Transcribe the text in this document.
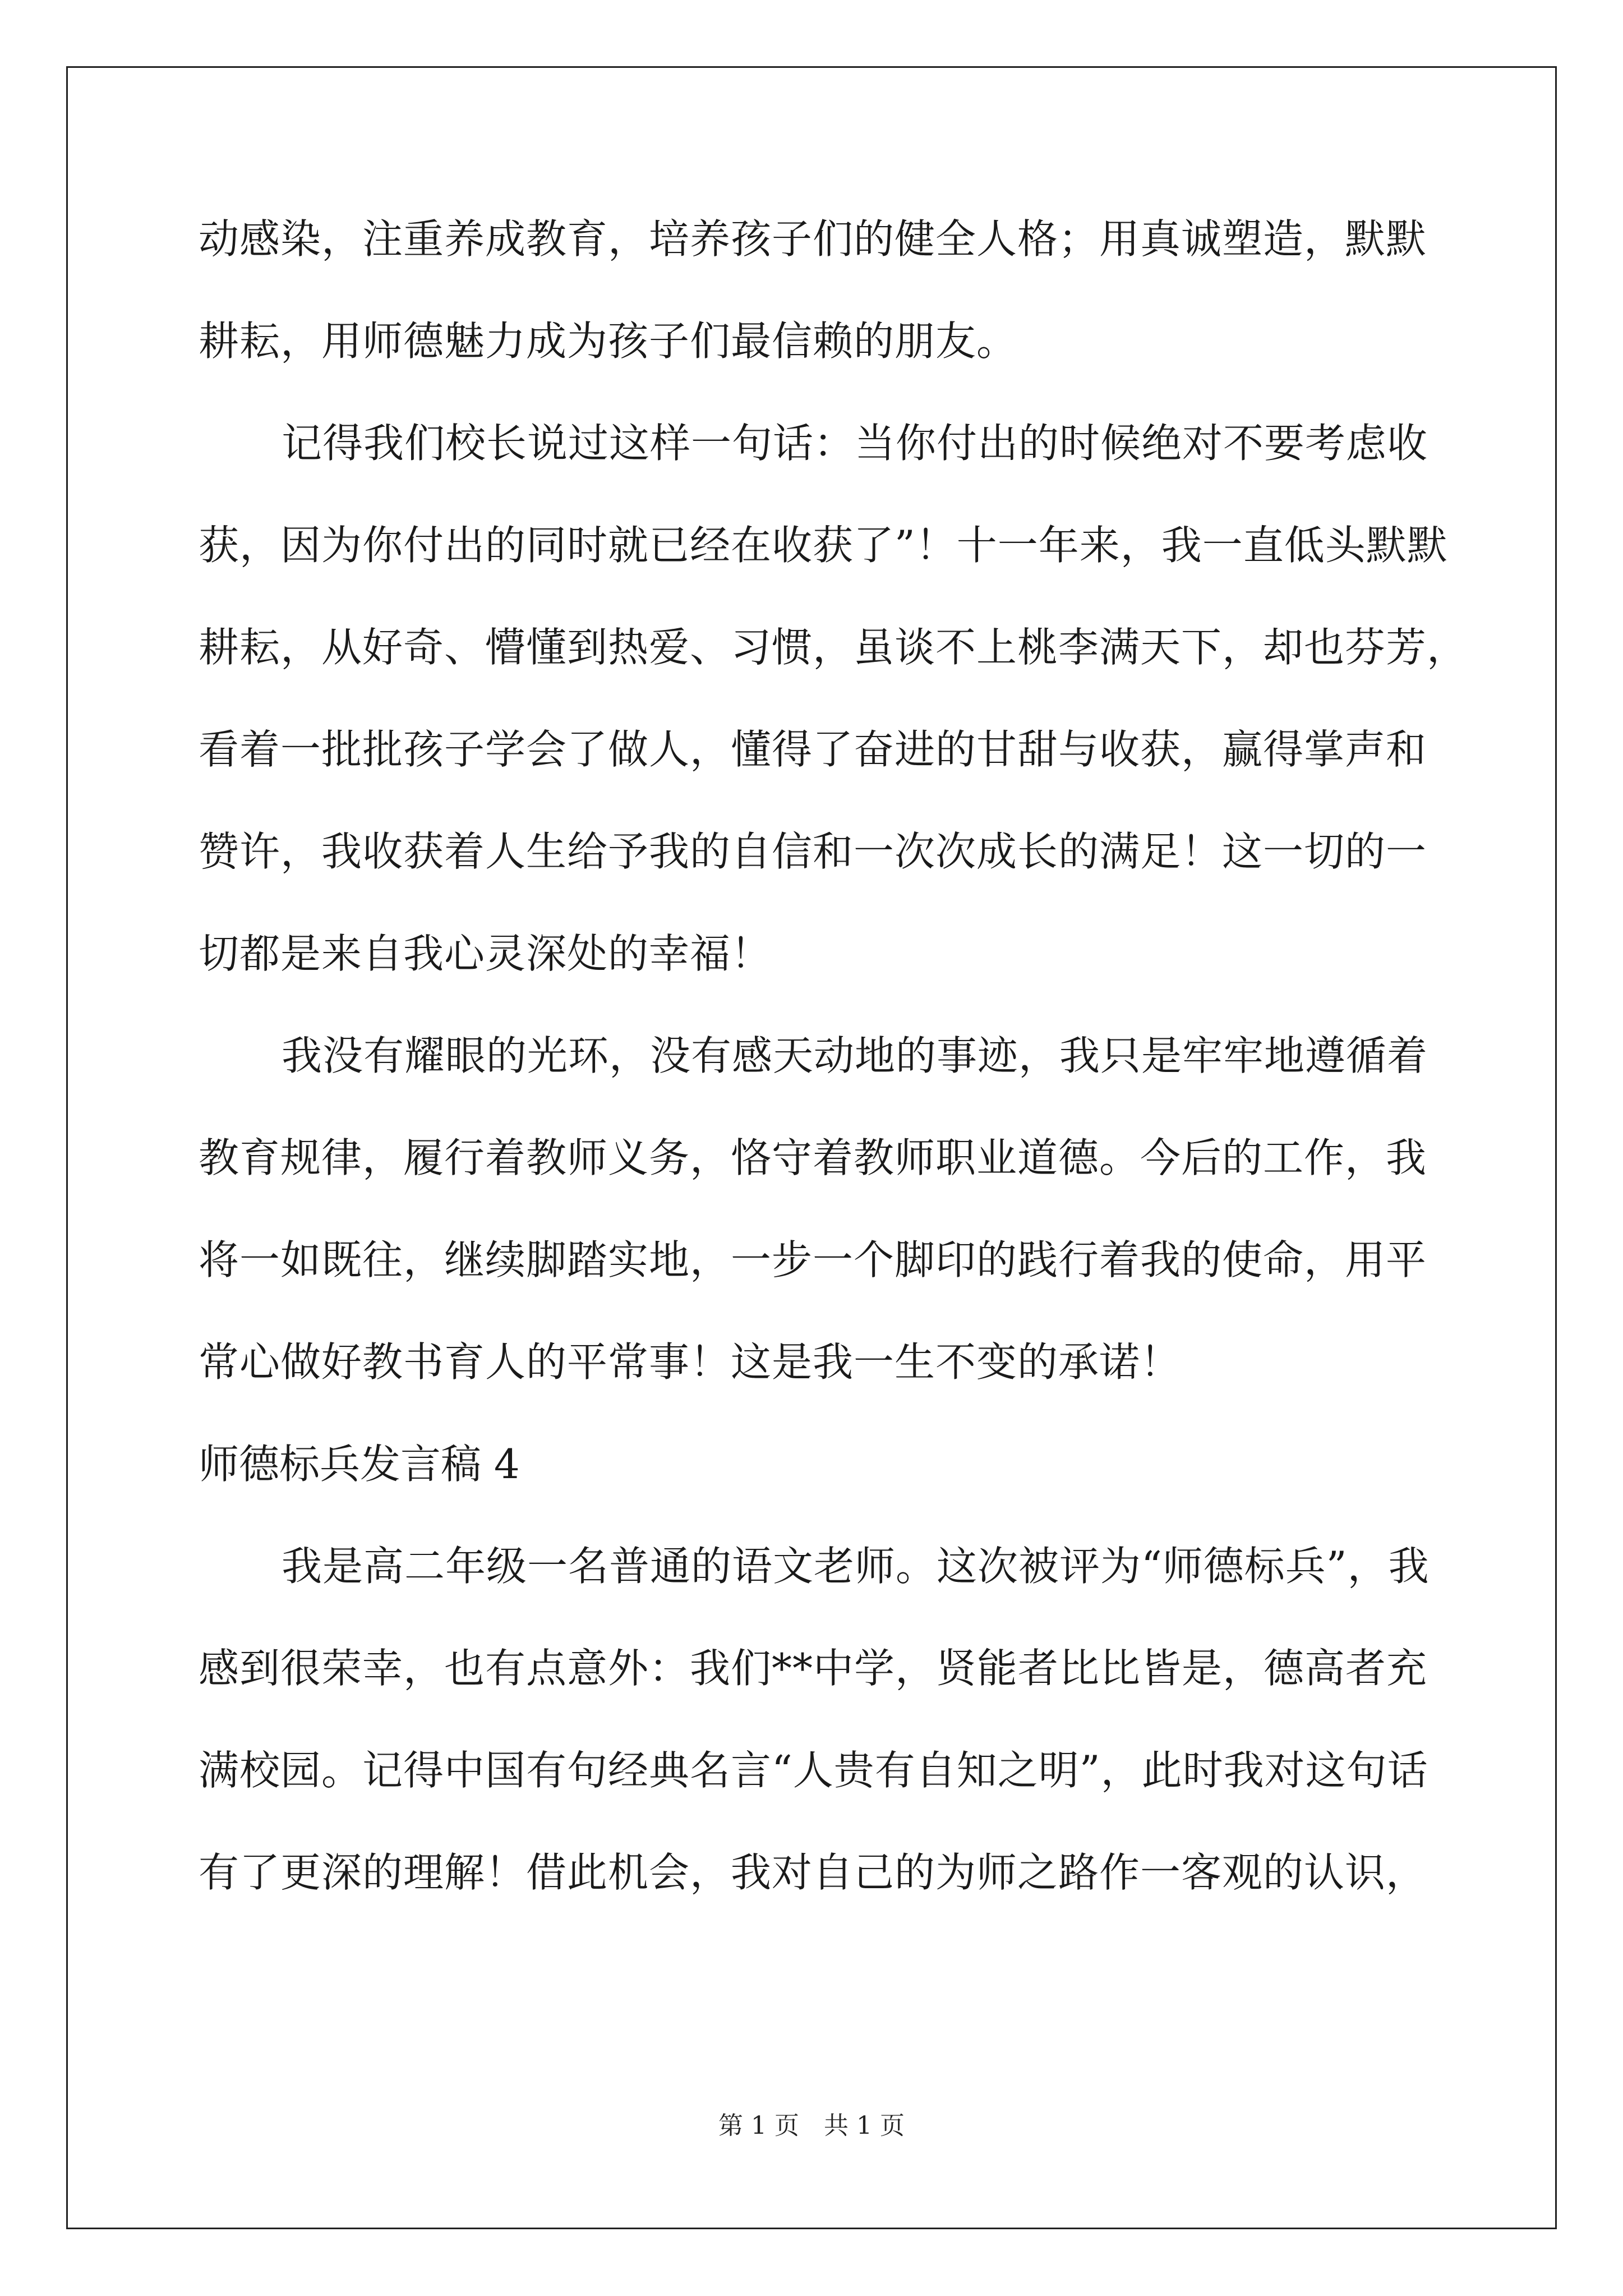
动感染，注重养成教育，培养孩子们的健全人格；用真诚塑造，默默
耕耘，用师德魅力成为孩子们最信赖的朋友。
记得我们校长说过这样一句话：当你付出的时候绝对不要考虑收
获，因为你付出的同时就已经在收获了”！十一年来，我一直低头默默
耕耘，从好奇、懵懂到热爱、习惯，虽谈不上桃李满天下，却也芬芳，
看着一批批孩子学会了做人，懂得了奋进的甘甜与收获，赢得掌声和
赞许，我收获着人生给予我的自信和一次次成长的满足！这一切的一
切都是来自我心灵深处的幸福！
我没有耀眼的光环，没有感天动地的事迹，我只是牢牢地遵循着
教育规律，履行着教师义务，恪守着教师职业道德。今后的工作，我
将一如既往，继续脚踏实地，一步一个脚印的践行着我的使命，用平
常心做好教书育人的平常事！这是我一生不变的承诺！
师德标兵发言稿 4
我是高二年级一名普通的语文老师。这次被评为“师德标兵”，我
感到很荣幸，也有点意外：我们**中学，贤能者比比皆是，德高者充
满校园。记得中国有句经典名言“人贵有自知之明”，此时我对这句话
有了更深的理解！借此机会，我对自己的为师之路作一客观的认识，
第 1 页　共 1 页
